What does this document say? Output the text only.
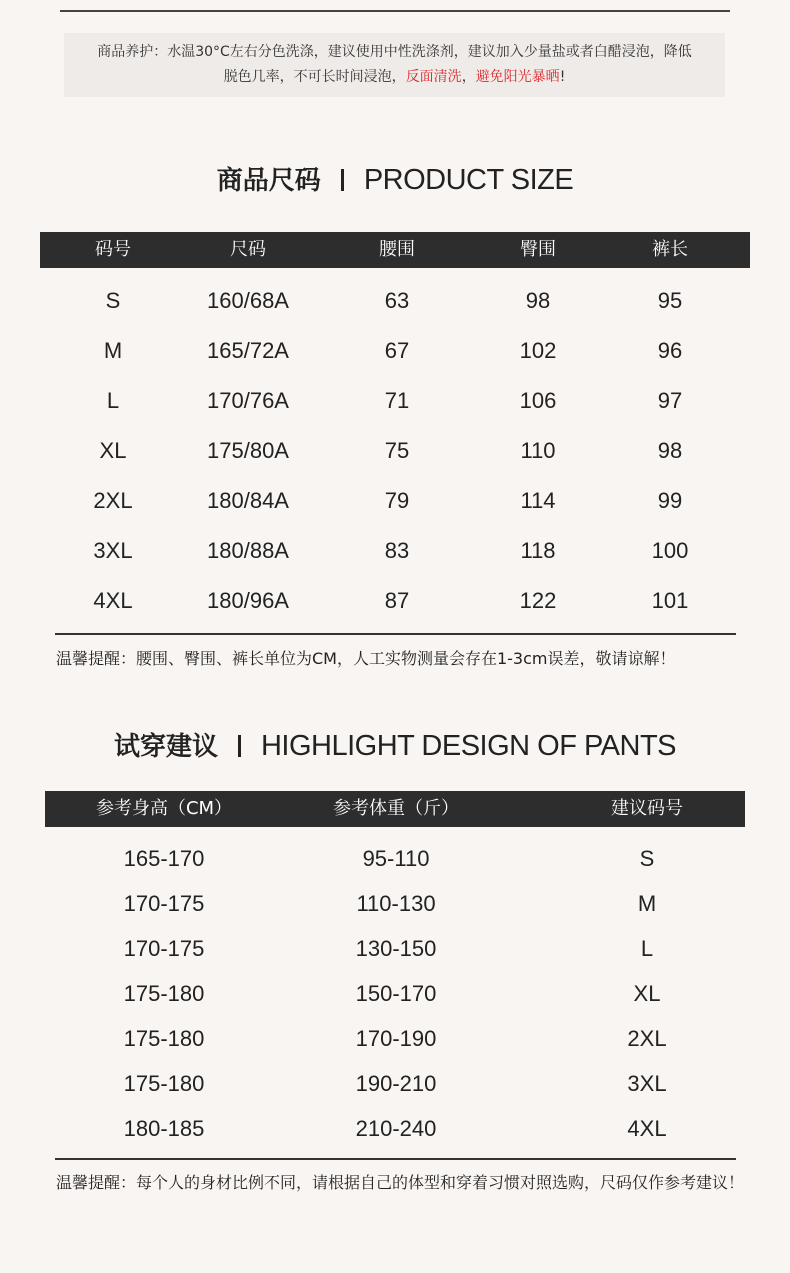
商品养护：水温30°C左右分色洗涤，建议使用中性洗涤剂，建议加入少量盐或者白醋浸泡，降低
脱色几率，不可长时间浸泡，反面清洗，避免阳光暴晒!
商品尺码 PRODUCT SIZE
码号	尺码	腰围	臀围	裤长
S	160/68A	63	98	95
M	165/72A	67	102	96
L	170/76A	71	106	97
XL	175/80A	75	110	98
2XL	180/84A	79	114	99
3XL	180/88A	83	118	100
4XL	180/96A	87	122	101
温馨提醒：腰围、臀围、裤长单位为CM，人工实物测量会存在1-3cm误差，敬请谅解！
试穿建议 HIGHLIGHT DESIGN OF PANTS
参考身高（CM）	参考体重（斤）	建议码号
165-170	95-110	S
170-175	110-130	M
170-175	130-150	L
175-180	150-170	XL
175-180	170-190	2XL
175-180	190-210	3XL
180-185	210-240	4XL
温馨提醒：每个人的身材比例不同，请根据自己的体型和穿着习惯对照选购，尺码仅作参考建议！
